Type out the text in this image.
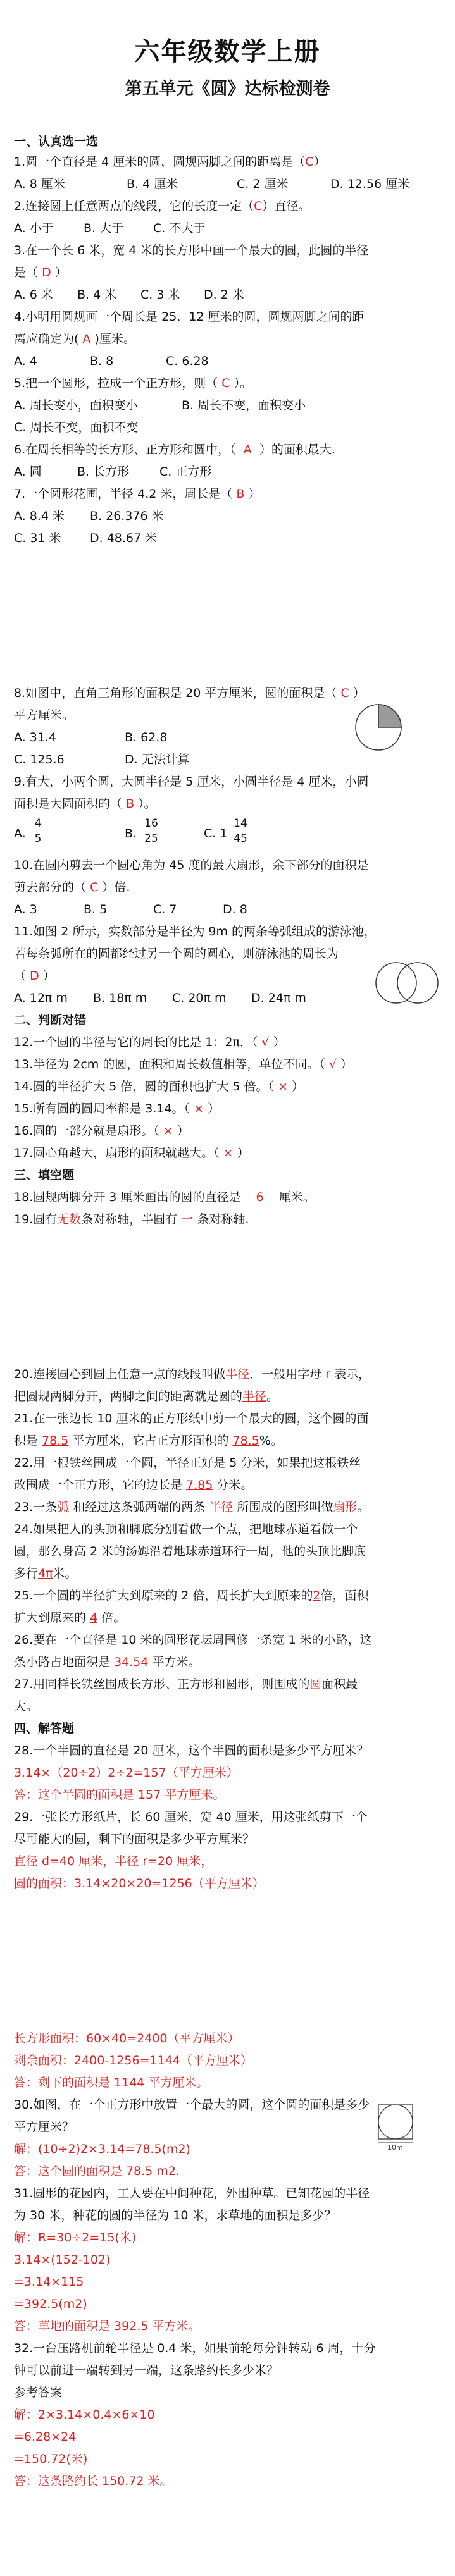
六年级数学上册
第五单元《圆》达标检测卷
一、认真选一选
1.圆一个直径是 4 厘米的圆，圆规两脚之间的距离是（C）
A. 8 厘米	B. 4 厘米	C. 2 厘米	D. 12.56 厘米
2.连接圆上任意两点的线段，它的长度一定（C）直径。
A. 小于 B. 大于 C. 不大于
3.在一个长 6 米，宽 4 米的长方形中画一个最大的圆，此圆的半径
是（ D ）
A. 6 米 B. 4 米 C. 3 米 D. 2 米
4.小明用圆规画一个周长是 25．12 厘米的圆，圆规两脚之间的距
离应确定为( A )厘米。
A. 4	B. 8	C. 6.28
5.把一个圆形，拉成一个正方形，则（ C ）。
A. 周长变小，面积变小	B. 周长不变，面积变小
C. 周长不变，面积不变
6.在周长相等的长方形、正方形和圆中，（ A ）的面积最大.
A. 圆	B. 长方形	C. 正方形
7.一个圆形花圃，半径 4.2 米，周长是（ B ）
A. 8.4 米 B. 26.376 米
C. 31 米 D. 48.67 米
8.如图中，直角三角形的面积是 20 平方厘米，圆的面积是（ C ）
平方厘米。
A. 31.4	B. 62.8
C. 125.6	D. 无法计算
9.有大，小两个圆，大圆半径是 5 厘米，小圆半径是 4 厘米，小圆
面积是大圆面积的（ B ）。
A.
4
5	B.
16
25	C. 1
14
45
10.在圆内剪去一个圆心角为 45 度的最大扇形，余下部分的面积是
剪去部分的（ C ）倍.
A. 3	B. 5	C. 7	D. 8
11.如图 2 所示，实数部分是半径为 9m 的两条等弧组成的游泳池，
若每条弧所在的圆都经过另一个圆的圆心，则游泳池的周长为
（ D ）
A. 12π m B. 18π m C. 20π m D. 24π m
二、判断对错
12.一个圆的半径与它的周长的比是 1：2π．（ √ ）
13.半径为 2cm 的圆，面积和周长数值相等，单位不同。（ √ ）
14.圆的半径扩大 5 倍，圆的面积也扩大 5 倍。（ × ）
15.所有圆的圆周率都是 3.14。（ × ）
16.圆的一部分就是扇形。（ × ）
17.圆心角越大，扇形的面积就越大。（ × ）
三、填空题
18.圆规两脚分开 3 厘米画出的圆的直径是 6 厘米。
19.圆有无数条对称轴，半圆有 一 条对称轴.
20.连接圆心到圆上任意一点的线段叫做半径．一般用字母 r 表示，
把圆规两脚分开，两脚之间的距离就是圆的半径。
21.在一张边长 10 厘米的正方形纸中剪一个最大的圆，这个圆的面
积是 78.5 平方厘米，它占正方形面积的 78.5%。
22.用一根铁丝围成一个圆，半径正好是 5 分米，如果把这根铁丝
改围成一个正方形，它的边长是 7.85 分米。
23.一条弧 和经过这条弧两端的两条 半径 所围成的图形叫做扇形。
24.如果把人的头顶和脚底分别看做一个点，把地球赤道看做一个
圆，那么身高 2 米的汤姆沿着地球赤道环行一周，他的头顶比脚底
多行4π米。
25.一个圆的半径扩大到原来的 2 倍，周长扩大到原来的2倍，面积
扩大到原来的 4 倍。
26.要在一个直径是 10 米的圆形花坛周围修一条宽 1 米的小路，这
条小路占地面积是 34.54 平方米。
27.用同样长铁丝围成长方形、正方形和圆形，则围成的圆面积最
大。
四、解答题
28.一个半圆的直径是 20 厘米，这个半圆的面积是多少平方厘米？
3.14×（20÷2）2÷2=157（平方厘米）
答：这个半圆的面积是 157 平方厘米。
29.一张长方形纸片，长 60 厘米，宽 40 厘米，用这张纸剪下一个
尽可能大的圆，剩下的面积是多少平方厘米？
直径 d=40 厘米，半径 r=20 厘米，
圆的面积：3.14×20×20=1256（平方厘米）
长方形面积：60×40=2400（平方厘米）
剩余面积：2400-1256=1144（平方厘米）
答：剩下的面积是 1144 平方厘米。
30.如图，在一个正方形中放置一个最大的圆，这个圆的面积是多少
平方厘米？
解：(10÷2)2×3.14=78.5(m2)
答：这个圆的面积是 78.5 m2.
10m
31.圆形的花园内，工人要在中间种花，外围种草。已知花园的半径
为 30 米，种花的圆的半径为 10 米，求草地的面积是多少？
解：R=30÷2=15(米)
3.14×(152-102)
=3.14×115
=392.5(m2)
答：草地的面积是 392.5 平方米。
32.一台压路机前轮半径是 0.4 米，如果前轮每分钟转动 6 周，十分
钟可以前进一端转到另一端，这条路约长多少米？
参考答案
解：2×3.14×0.4×6×10
=6.28×24
=150.72(米)
答：这条路约长 150.72 米。
